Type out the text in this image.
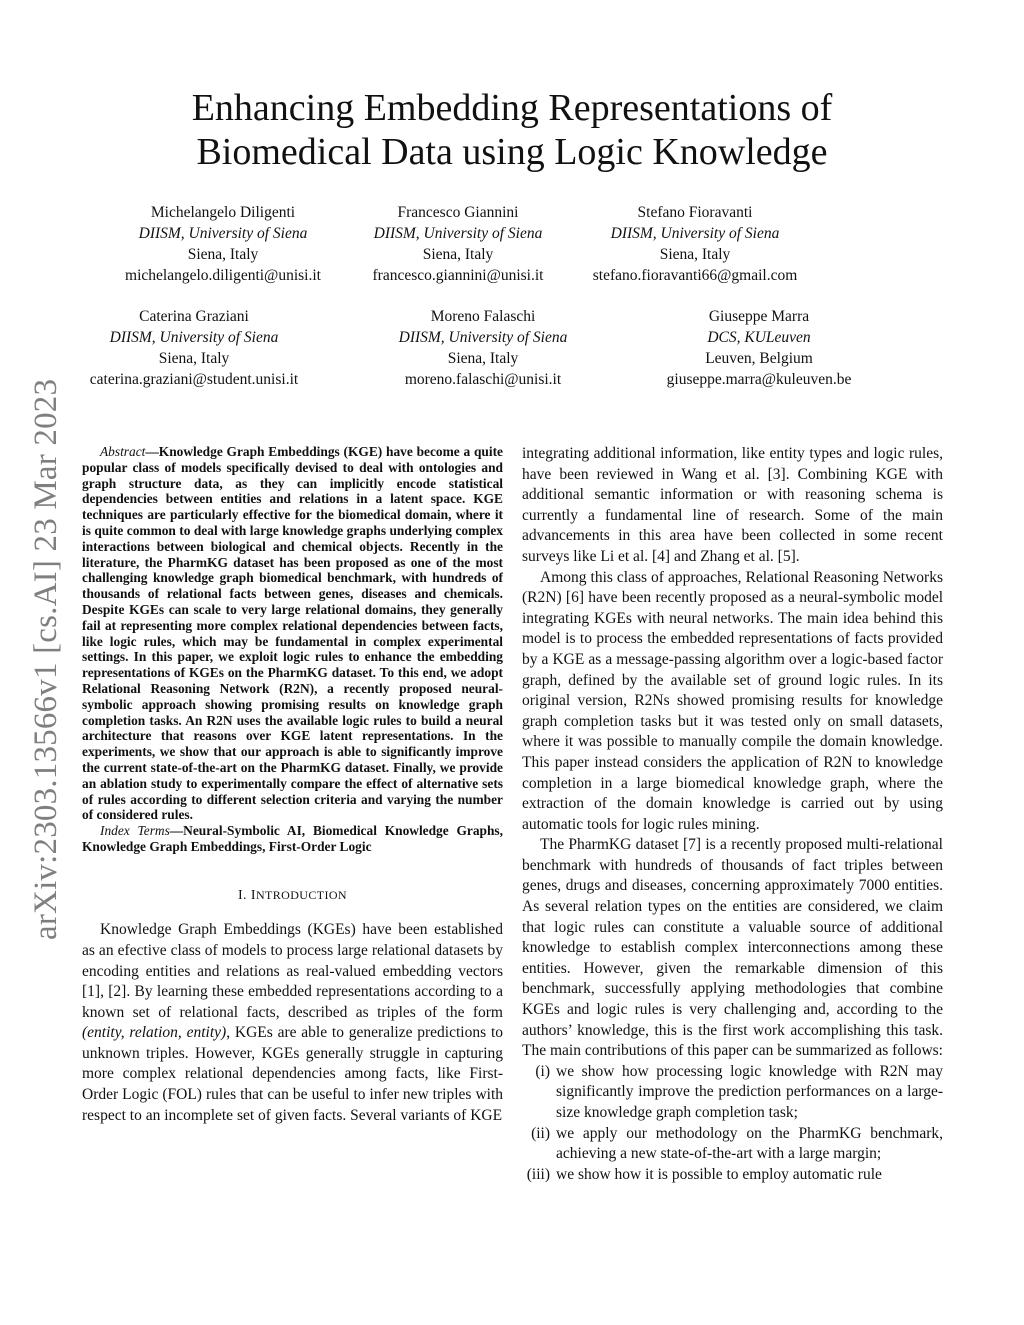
arXiv:2303.13566v1 [cs.AI] 23 Mar 2023
Enhancing Embedding Representations of
Biomedical Data using Logic Knowledge
Michelangelo Diligenti
DIISM, University of Siena
Siena, Italy
michelangelo.diligenti@unisi.it
Francesco Giannini
DIISM, University of Siena
Siena, Italy
francesco.giannini@unisi.it
Stefano Fioravanti
DIISM, University of Siena
Siena, Italy
stefano.fioravanti66@gmail.com
Caterina Graziani
DIISM, University of Siena
Siena, Italy
caterina.graziani@student.unisi.it
Moreno Falaschi
DIISM, University of Siena
Siena, Italy
moreno.falaschi@unisi.it
Giuseppe Marra
DCS, KULeuven
Leuven, Belgium
giuseppe.marra@kuleuven.be

Abstract—Knowledge Graph Embeddings (KGE) have become a quite popular class of models specifically devised to deal with ontologies and graph structure data, as they can implicitly encode statistical dependencies between entities and relations in a latent space. KGE techniques are particularly effective for the biomedical domain, where it is quite common to deal with large knowledge graphs underlying complex interactions between biological and chemical objects. Recently in the literature, the PharmKG dataset has been proposed as one of the most challenging knowledge graph biomedical benchmark, with hundreds of thousands of relational facts between genes, diseases and chemicals. Despite KGEs can scale to very large relational domains, they generally fail at representing more complex relational dependencies between facts, like logic rules, which may be fundamental in complex experimental settings. In this paper, we exploit logic rules to enhance the embedding representations of KGEs on the PharmKG dataset. To this end, we adopt Relational Reasoning Network (R2N), a recently proposed neural-symbolic approach showing promising results on knowledge graph completion tasks. An R2N uses the available logic rules to build a neural architecture that reasons over KGE latent representations. In the experiments, we show that our approach is able to significantly improve the current state-of-the-art on the PharmKG dataset. Finally, we provide an ablation study to experimentally compare the effect of alternative sets of rules according to different selection criteria and varying the number of considered rules.

Index Terms—Neural-Symbolic AI, Biomedical Knowledge Graphs, Knowledge Graph Embeddings, First-Order Logic

I. INTRODUCTION

Knowledge Graph Embeddings (KGEs) have been established as an efective class of models to process large relational datasets by encoding entities and relations as real-valued embedding vectors [1], [2]. By learning these embedded representations according to a known set of relational facts, described as triples of the form (entity, relation, entity), KGEs are able to generalize predictions to unknown triples. However, KGEs generally struggle in capturing more complex relational dependencies among facts, like First-Order Logic (FOL) rules that can be useful to infer new triples with respect to an incomplete set of given facts. Several variants of KGE

integrating additional information, like entity types and logic rules, have been reviewed in Wang et al. [3]. Combining KGE with additional semantic information or with reasoning schema is currently a fundamental line of research. Some of the main advancements in this area have been collected in some recent surveys like Li et al. [4] and Zhang et al. [5].

Among this class of approaches, Relational Reasoning Networks (R2N) [6] have been recently proposed as a neural-symbolic model integrating KGEs with neural networks. The main idea behind this model is to process the embedded representations of facts provided by a KGE as a message-passing algorithm over a logic-based factor graph, defined by the available set of ground logic rules. In its original version, R2Ns showed promising results for knowledge graph completion tasks but it was tested only on small datasets, where it was possible to manually compile the domain knowledge. This paper instead considers the application of R2N to knowledge completion in a large biomedical knowledge graph, where the extraction of the domain knowledge is carried out by using automatic tools for logic rules mining.

The PharmKG dataset [7] is a recently proposed multi-relational benchmark with hundreds of thousands of fact triples between genes, drugs and diseases, concerning approximately 7000 entities. As several relation types on the entities are considered, we claim that logic rules can constitute a valuable source of additional knowledge to establish complex interconnections among these entities. However, given the remarkable dimension of this benchmark, successfully applying methodologies that combine KGEs and logic rules is very challenging and, according to the authors’ knowledge, this is the first work accomplishing this task. The main contributions of this paper can be summarized as follows:

(i) we show how processing logic knowledge with R2N may significantly improve the prediction performances on a large-size knowledge graph completion task;
(ii) we apply our methodology on the PharmKG benchmark, achieving a new state-of-the-art with a large margin;
(iii) we show how it is possible to employ automatic rule
